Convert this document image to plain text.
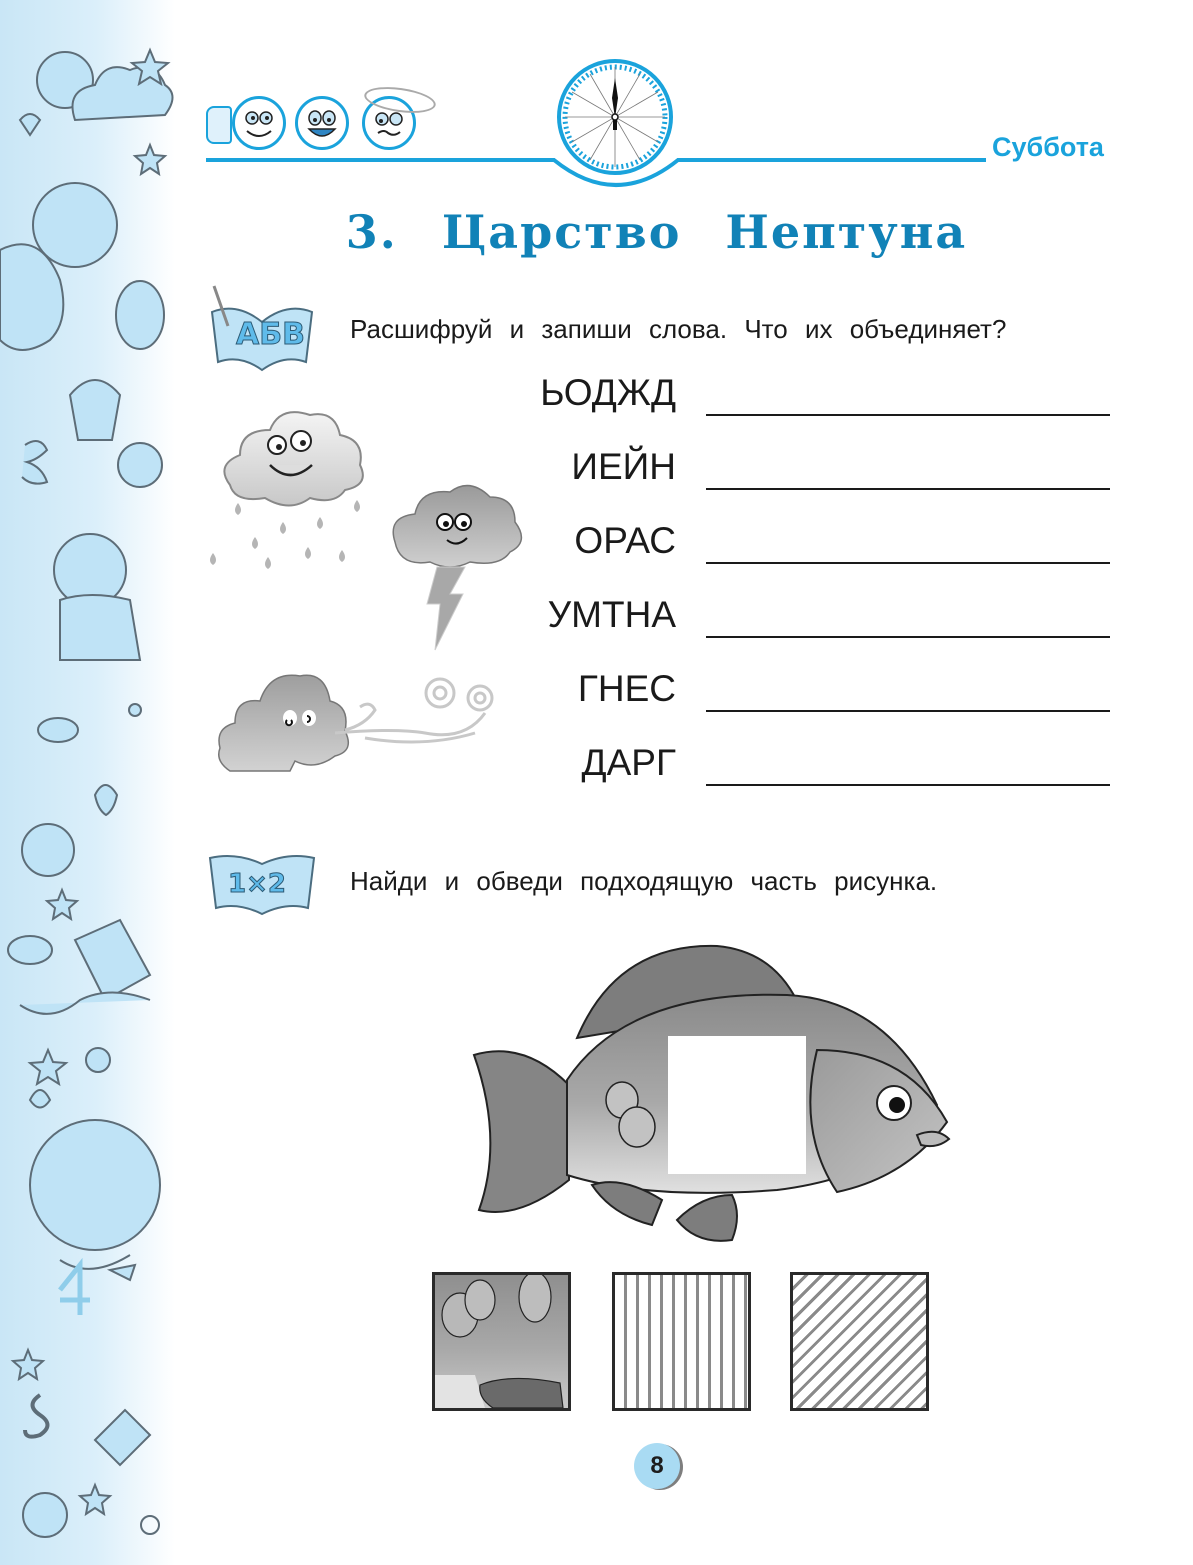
Суббота
3. Царство Нептуна
АБВ Расшифруй и запиши слова. Что их объединяет?
ЬОДЖД
ИЕЙН
ОРАС
УМТНА
ГНЕС
ДАРГ
1×2 Найди и обведи подходящую часть рисунка.
8
